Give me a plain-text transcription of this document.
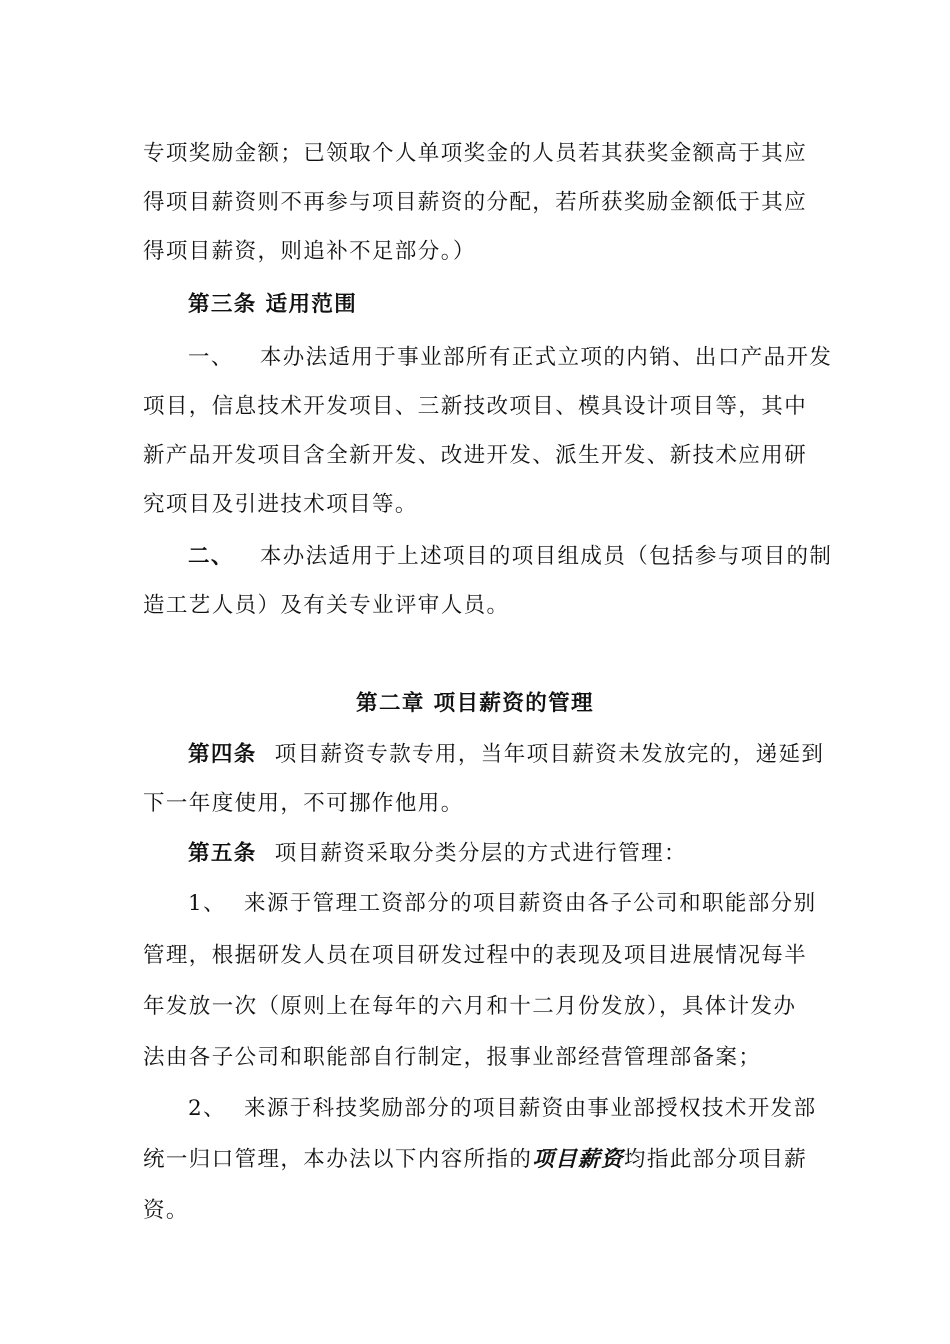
专项奖励金额；已领取个人单项奖金的人员若其获奖金额高于其应
得项目薪资则不再参与项目薪资的分配，若所获奖励金额低于其应
得项目薪资，则追补不足部分。）
第三条 适用范围
一、 本办法适用于事业部所有正式立项的内销、出口产品开发
项目，信息技术开发项目、三新技改项目、模具设计项目等，其中
新产品开发项目含全新开发、改进开发、派生开发、新技术应用研
究项目及引进技术项目等。
二、 本办法适用于上述项目的项目组成员（包括参与项目的制
造工艺人员）及有关专业评审人员。
第二章 项目薪资的管理
第四条 项目薪资专款专用，当年项目薪资未发放完的，递延到
下一年度使用，不可挪作他用。
第五条 项目薪资采取分类分层的方式进行管理：
1、 来源于管理工资部分的项目薪资由各子公司和职能部分别
管理，根据研发人员在项目研发过程中的表现及项目进展情况每半
年发放一次（原则上在每年的六月和十二月份发放），具体计发办
法由各子公司和职能部自行制定，报事业部经营管理部备案；
2、 来源于科技奖励部分的项目薪资由事业部授权技术开发部
统一归口管理，本办法以下内容所指的项目薪资均指此部分项目薪
资。
